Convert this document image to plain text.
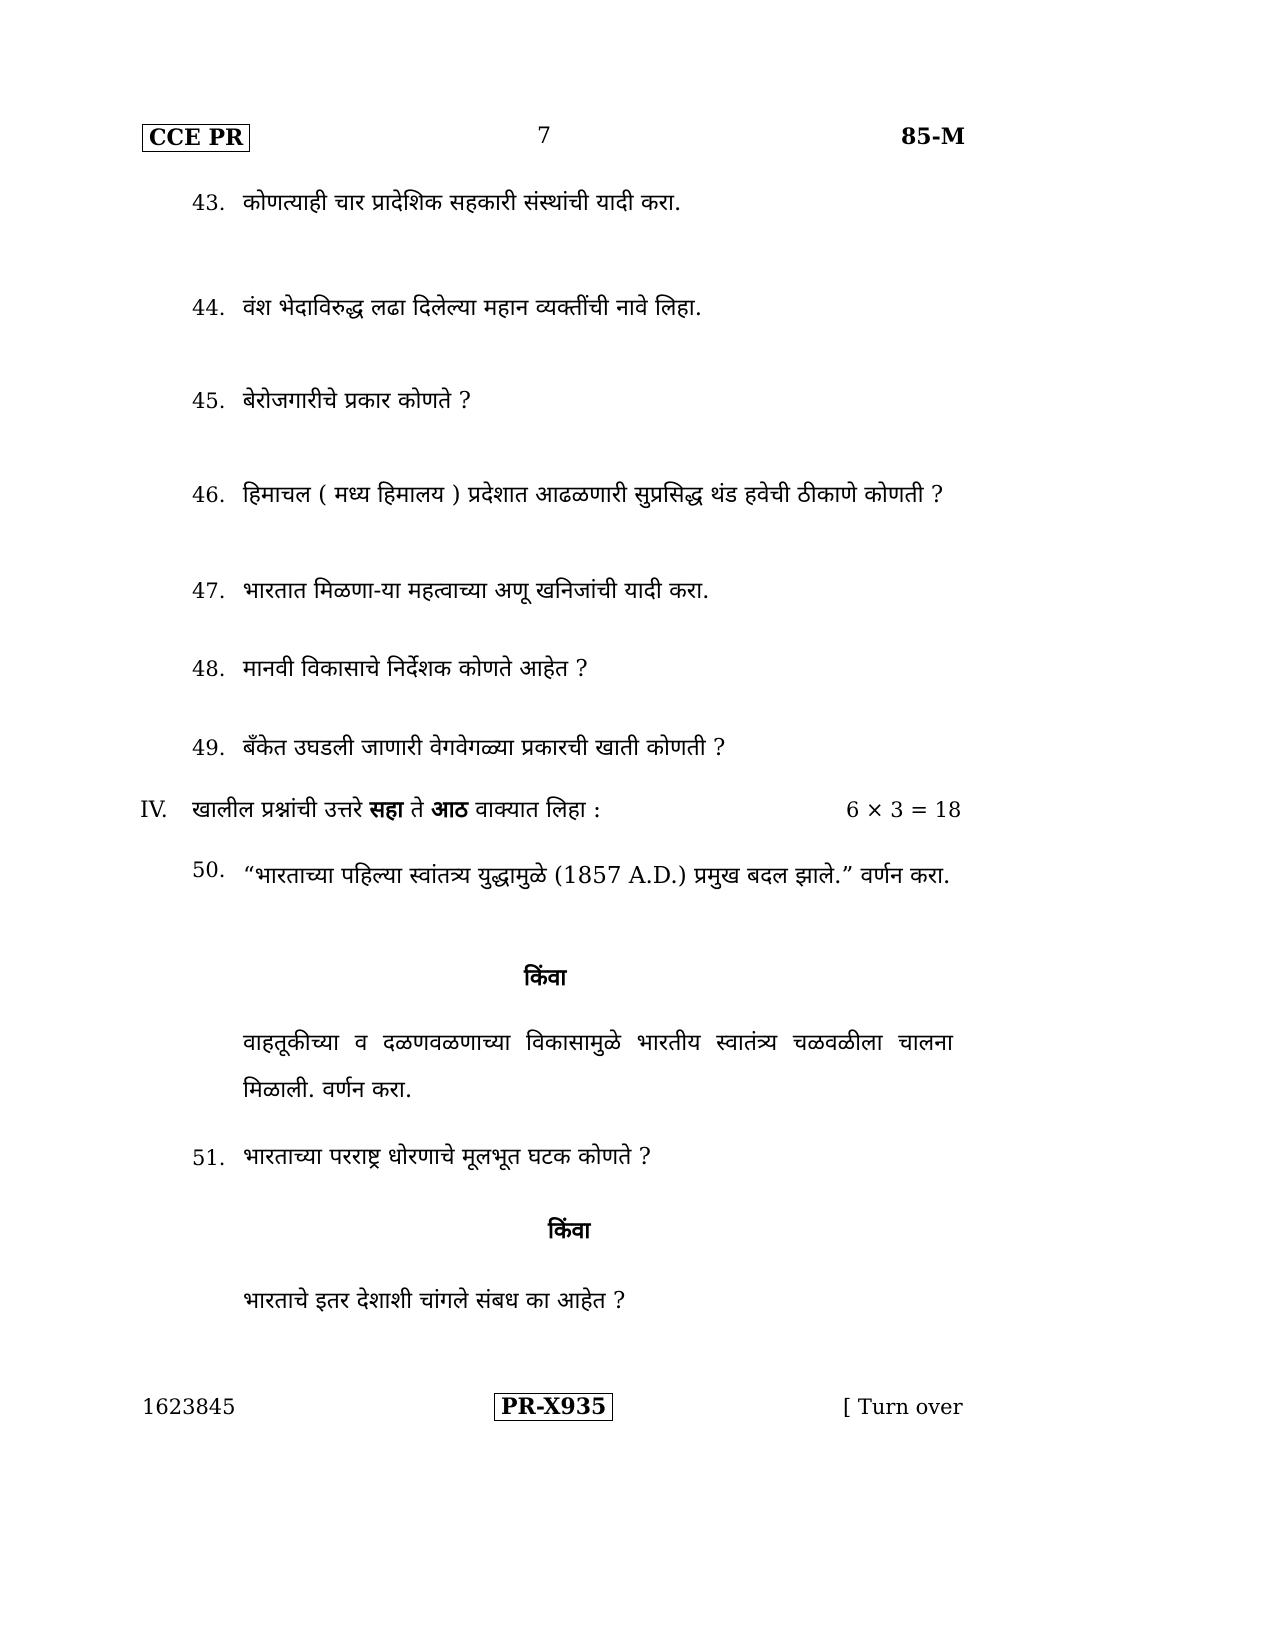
CCE PR	7	85-M
43. कोणत्याही चार प्रादेशिक सहकारी संस्थांची यादी करा.
44. वंश भेदाविरुद्ध लढा दिलेल्या महान व्यक्तींची नावे लिहा.
45. बेरोजगारीचे प्रकार कोणते ?
46. हिमाचल ( मध्य हिमालय ) प्रदेशात आढळणारी सुप्रसिद्ध थंड हवेची ठीकाणे कोणती ?
47. भारतात मिळणा-या महत्वाच्या अणू खनिजांची यादी करा.
48. मानवी विकासाचे निर्देशक कोणते आहेत ?
49. बँकेत उघडली जाणारी वेगवेगळ्या प्रकारची खाती कोणती ?
IV. खालील प्रश्नांची उत्तरे सहा ते आठ वाक्यात लिहा :	6 × 3 = 18
50. “भारताच्या पहिल्या स्वांतत्र्य युद्धामुळे (1857 A.D.) प्रमुख बदल झाले.” वर्णन करा.
किंवा
वाहतूकीच्या व दळणवळणाच्या विकासामुळे भारतीय स्वातंत्र्य चळवळीला चालना मिळाली. वर्णन करा.
51. भारताच्या परराष्ट्र धोरणाचे मूलभूत घटक कोणते ?
किंवा
भारताचे इतर देशाशी चांगले संबध का आहेत ?
1623845	PR-X935	[ Turn over
